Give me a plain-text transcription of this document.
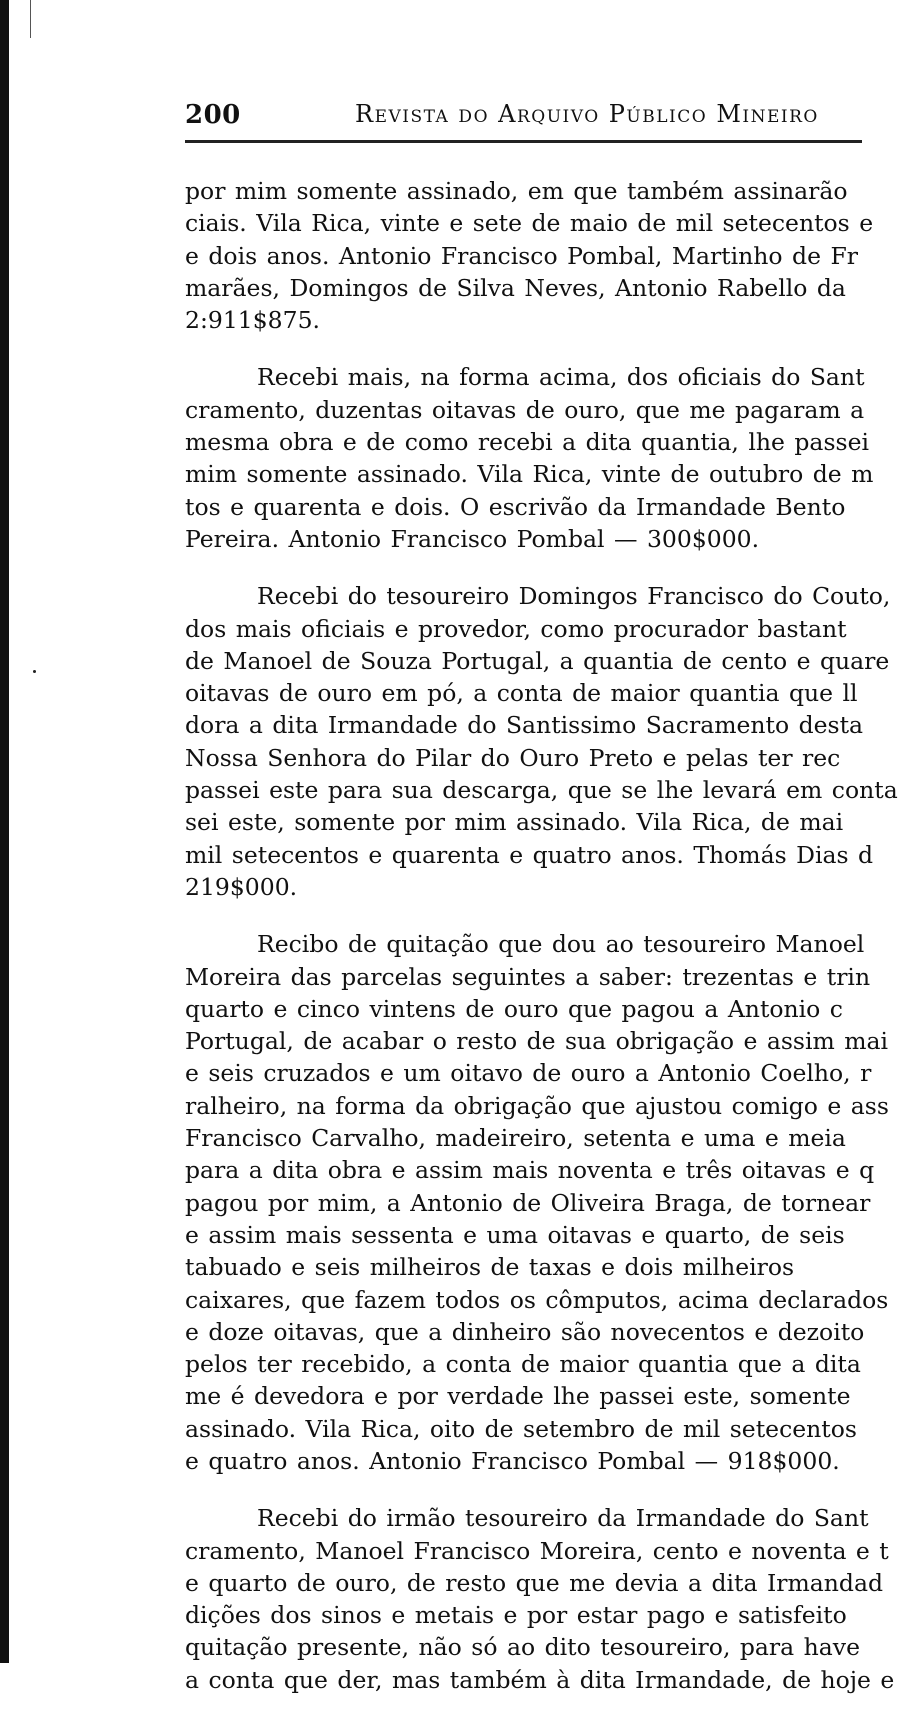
200	Revista do Arquivo Público Mineiro
por mim somente assinado, em que também assinarão
ciais. Vila Rica, vinte e sete de maio de mil setecentos e
e dois anos. Antonio Francisco Pombal, Martinho de Fr
marães, Domingos de Silva Neves, Antonio Rabello da
2:911$875.
Recebi mais, na forma acima, dos oficiais do Sant
cramento, duzentas oitavas de ouro, que me pagaram a
mesma obra e de como recebi a dita quantia, lhe passei
mim somente assinado. Vila Rica, vinte de outubro de m
tos e quarenta e dois. O escrivão da Irmandade Bento
Pereira. Antonio Francisco Pombal — 300$000.
Recebi do tesoureiro Domingos Francisco do Couto,
dos mais oficiais e provedor, como procurador bastant
de Manoel de Souza Portugal, a quantia de cento e quare
oitavas de ouro em pó, a conta de maior quantia que ll
dora a dita Irmandade do Santissimo Sacramento desta
Nossa Senhora do Pilar do Ouro Preto e pelas ter rec
passei este para sua descarga, que se lhe levará em conta
sei este, somente por mim assinado. Vila Rica, de mai
mil setecentos e quarenta e quatro anos. Thomás Dias d
219$000.
Recibo de quitação que dou ao tesoureiro Manoel
Moreira das parcelas seguintes a saber: trezentas e trin
quarto e cinco vintens de ouro que pagou a Antonio c
Portugal, de acabar o resto de sua obrigação e assim mai
e seis cruzados e um oitavo de ouro a Antonio Coelho, r
ralheiro, na forma da obrigação que ajustou comigo e ass
Francisco Carvalho, madeireiro, setenta e uma e meia
para a dita obra e assim mais noventa e três oitavas e q
pagou por mim, a Antonio de Oliveira Braga, de tornear
e assim mais sessenta e uma oitavas e quarto, de seis
tabuado e seis milheiros de taxas e dois milheiros
caixares, que fazem todos os cômputos, acima declarados
e doze oitavas, que a dinheiro são novecentos e dezoito
pelos ter recebido, a conta de maior quantia que a dita
me é devedora e por verdade lhe passei este, somente
assinado. Vila Rica, oito de setembro de mil setecentos
e quatro anos. Antonio Francisco Pombal — 918$000.
Recebi do irmão tesoureiro da Irmandade do Sant
cramento, Manoel Francisco Moreira, cento e noventa e t
e quarto de ouro, de resto que me devia a dita Irmandad
dições dos sinos e metais e por estar pago e satisfeito
quitação presente, não só ao dito tesoureiro, para have
a conta que der, mas também à dita Irmandade, de hoje e
